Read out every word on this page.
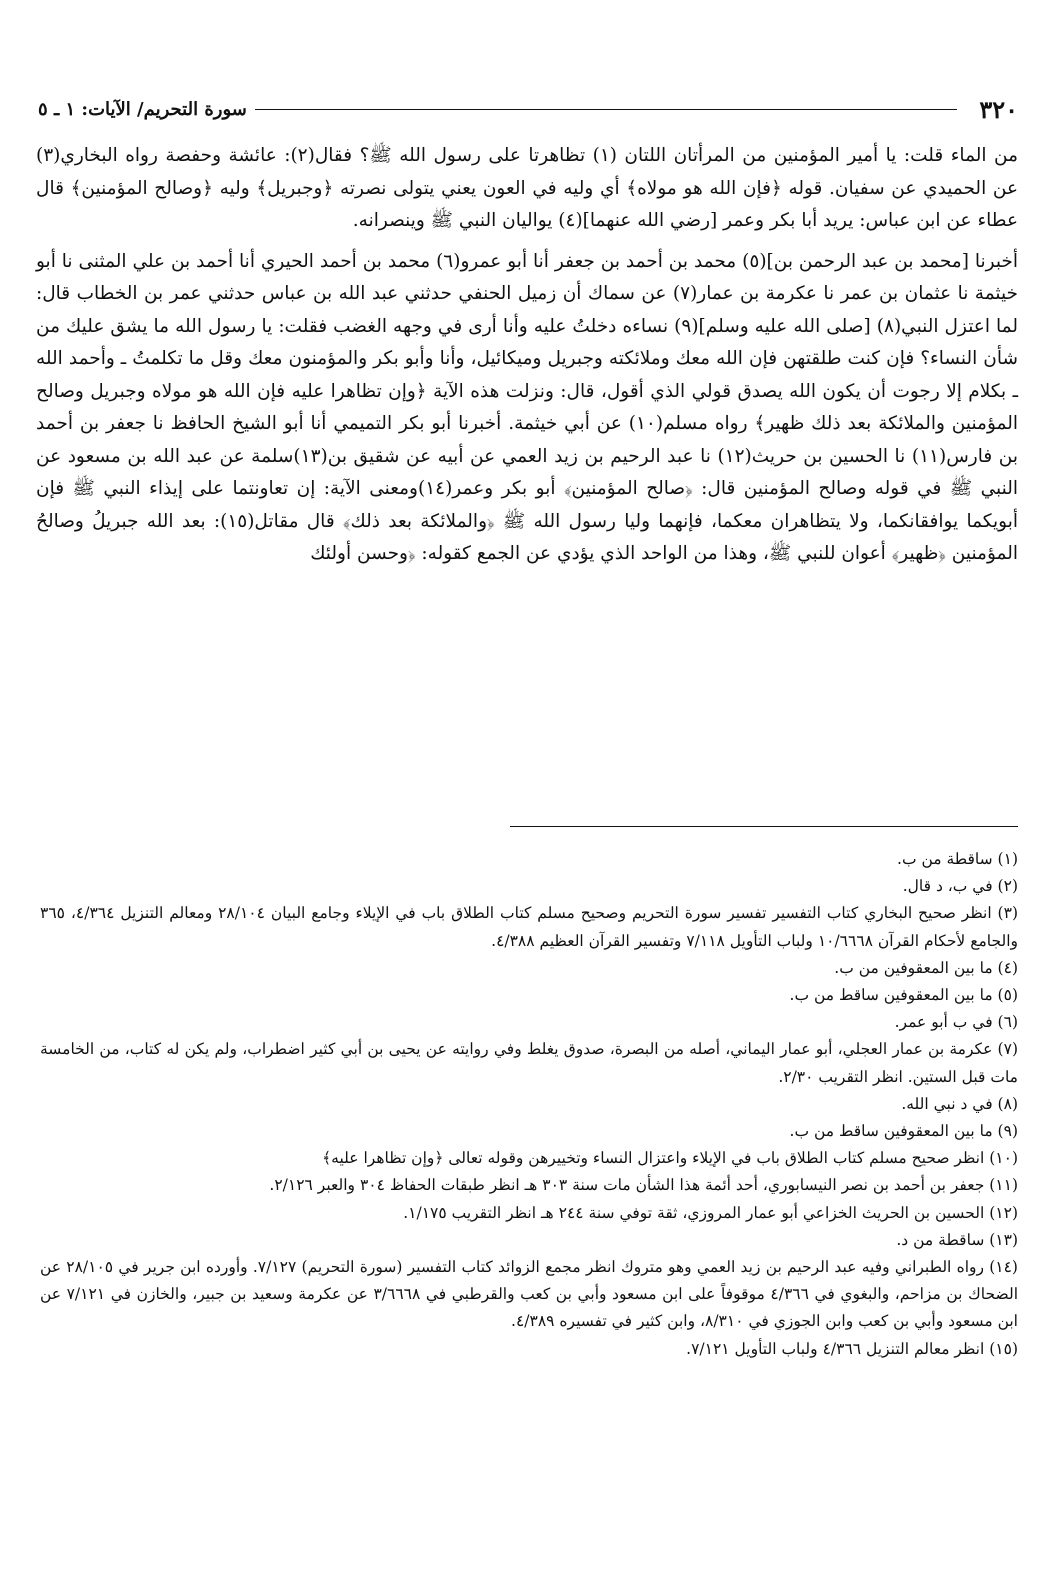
٣٢٠
سورة التحريم/ الآيات: ١ ـ ٥

من الماء قلت: يا أمير المؤمنين من المرأتان اللتان (١) تظاهرتا على رسول الله ﷺ؟ فقال(٢): عائشة وحفصة رواه البخاري(٣) عن الحميدي عن سفيان. قوله ﴿فإن الله هو مولاه﴾ أي وليه في العون يعني يتولى نصرته ﴿وجبريل﴾ وليه ﴿وصالح المؤمنين﴾ قال عطاء عن ابن عباس: يريد أبا بكر وعمر [رضي الله عنهما](٤) يواليان النبي ﷺ وينصرانه.

أخبرنا [محمد بن عبد الرحمن بن](٥) محمد بن أحمد بن جعفر أنا أبو عمرو(٦) محمد بن أحمد الحيري أنا أحمد بن علي المثنى نا أبو خيثمة نا عثمان بن عمر نا عكرمة بن عمار(٧) عن سماك أن زميل الحنفي حدثني عبد الله بن عباس حدثني عمر بن الخطاب قال: لما اعتزل النبي(٨) [صلى الله عليه وسلم](٩) نساءه دخلتُ عليه وأنا أرى في وجهه الغضب فقلت: يا رسول الله ما يشق عليك من شأن النساء؟ فإن كنت طلقتهن فإن الله معك وملائكته وجبريل وميكائيل، وأنا وأبو بكر والمؤمنون معك وقل ما تكلمتُ ـ وأحمد الله ـ بكلام إلا رجوت أن يكون الله يصدق قولي الذي أقول، قال: ونزلت هذه الآية ﴿وإن تظاهرا عليه فإن الله هو مولاه وجبريل وصالح المؤمنين والملائكة بعد ذلك ظهير﴾ رواه مسلم(١٠) عن أبي خيثمة. أخبرنا أبو بكر التميمي أنا أبو الشيخ الحافظ نا جعفر بن أحمد بن فارس(١١) نا الحسين بن حريث(١٢) نا عبد الرحيم بن زيد العمي عن أبيه عن شقيق بن(١٣)سلمة عن عبد الله بن مسعود عن النبي ﷺ في قوله وصالح المؤمنين قال: ﴿صالح المؤمنين﴾ أبو بكر وعمر(١٤)ومعنى الآية: إن تعاونتما على إيذاء النبي ﷺ فإن أبويكما يوافقانكما، ولا يتظاهران معكما، فإنهما وليا رسول الله ﷺ ﴿والملائكة بعد ذلك﴾ قال مقاتل(١٥): بعد الله جبريلُ وصالحُ المؤمنين ﴿ظهير﴾ أعوان للنبي ﷺ، وهذا من الواحد الذي يؤدي عن الجمع كقوله: ﴿وحسن أولئك

(١) ساقطة من ب.

(٢) في ب، د قال.

(٣) انظر صحيح البخاري كتاب التفسير تفسير سورة التحريم وصحيح مسلم كتاب الطلاق باب في الإيلاء وجامع البيان ٢٨/١٠٤ ومعالم التنزيل ٤/٣٦٤، ٣٦٥ والجامع لأحكام القرآن ١٠/٦٦٦٨ ولباب التأويل ٧/١١٨ وتفسير القرآن العظيم ٤/٣٨٨.

(٤) ما بين المعقوفين من ب.

(٥) ما بين المعقوفين ساقط من ب.

(٦) في ب أبو عمر.

(٧) عكرمة بن عمار العجلي، أبو عمار اليماني، أصله من البصرة، صدوق يغلط وفي روايته عن يحيى بن أبي كثير اضطراب، ولم يكن له كتاب، من الخامسة مات قبل الستين. انظر التقريب ٢/٣٠.

(٨) في د نبي الله.

(٩) ما بين المعقوفين ساقط من ب.

(١٠) انظر صحيح مسلم كتاب الطلاق باب في الإيلاء واعتزال النساء وتخييرهن وقوله تعالى ﴿وإن تظاهرا عليه﴾

(١١) جعفر بن أحمد بن نصر النيسابوري، أحد أئمة هذا الشأن مات سنة ٣٠٣ هـ انظر طبقات الحفاظ ٣٠٤ والعبر ٢/١٢٦.

(١٢) الحسين بن الحريث الخزاعي أبو عمار المروزي، ثقة توفي سنة ٢٤٤ هـ انظر التقريب ١/١٧٥.

(١٣) ساقطة من د.

(١٤) رواه الطبراني وفيه عبد الرحيم بن زيد العمي وهو متروك انظر مجمع الزوائد كتاب التفسير (سورة التحريم) ٧/١٢٧. وأورده ابن جرير في ٢٨/١٠٥ عن الضحاك بن مزاحم، والبغوي في ٤/٣٦٦ موقوفاً على ابن مسعود وأبي بن كعب والقرطبي في ٣/٦٦٦٨ عن عكرمة وسعيد بن جبير، والخازن في ٧/١٢١ عن ابن مسعود وأبي بن كعب وابن الجوزي في ٨/٣١٠، وابن كثير في تفسيره ٤/٣٨٩.

(١٥) انظر معالم التنزيل ٤/٣٦٦ ولباب التأويل ٧/١٢١.
